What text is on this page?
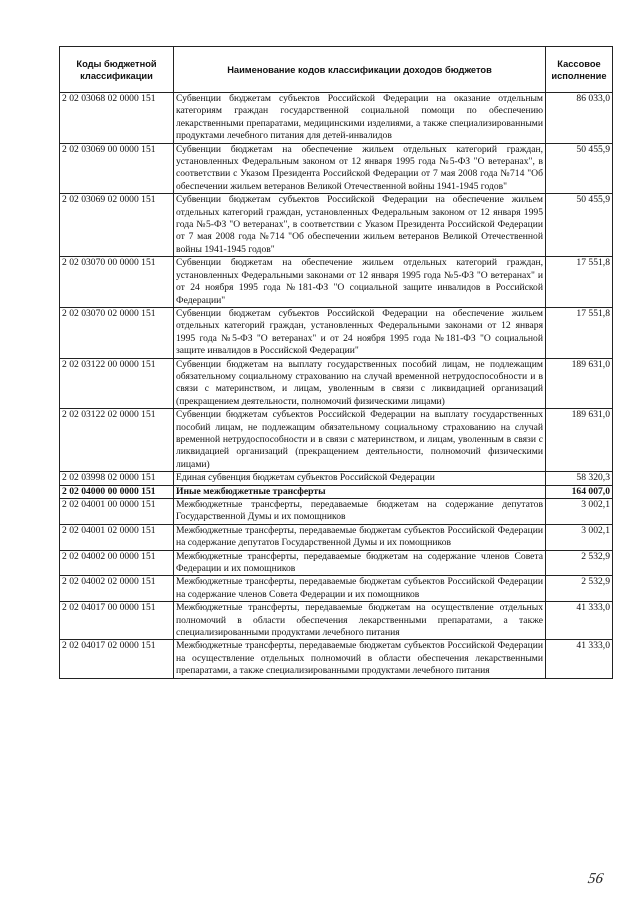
Коды бюджетной классификации	Наименование кодов классификации доходов бюджетов	Кассовое исполнение
2 02 03068 02 0000 151	Субвенции бюджетам субъектов Российской Федерации на оказание отдельным категориям граждан государственной социальной помощи по обеспечению лекарственными препаратами, медицинскими изделиями, а также специализированными продуктами лечебного питания для детей-инвалидов	86 033,0
2 02 03069 00 0000 151	Субвенции бюджетам на обеспечение жильем отдельных категорий граждан, установленных Федеральным законом от 12 января 1995 года №5-ФЗ "О ветеранах", в соответствии с Указом Президента Российской Федерации от 7 мая 2008 года №714 "Об обеспечении жильем ветеранов Великой Отечественной войны 1941-1945 годов"	50 455,9
2 02 03069 02 0000 151	Субвенции бюджетам субъектов Российской Федерации на обеспечение жильем отдельных категорий граждан, установленных Федеральным законом от 12 января 1995 года №5-ФЗ "О ветеранах", в соответствии с Указом Президента Российской Федерации от 7 мая 2008 года №714 "Об обеспечении жильем ветеранов Великой Отечественной войны 1941-1945 годов"	50 455,9
2 02 03070 00 0000 151	Субвенции бюджетам на обеспечение жильем отдельных категорий граждан, установленных Федеральными законами от 12 января 1995 года №5-ФЗ "О ветеранах" и от 24 ноября 1995 года №181-ФЗ "О социальной защите инвалидов в Российской Федерации"	17 551,8
2 02 03070 02 0000 151	Субвенции бюджетам субъектов Российской Федерации на обеспечение жильем отдельных категорий граждан, установленных Федеральными законами от 12 января 1995 года №5-ФЗ "О ветеранах" и от 24 ноября 1995 года №181-ФЗ "О социальной защите инвалидов в Российской Федерации"	17 551,8
2 02 03122 00 0000 151	Субвенции бюджетам на выплату государственных пособий лицам, не подлежащим обязательному социальному страхованию на случай временной нетрудоспособности и в связи с материнством, и лицам, уволенным в связи с ликвидацией организаций (прекращением деятельности, полномочий физическими лицами)	189 631,0
2 02 03122 02 0000 151	Субвенции бюджетам субъектов Российской Федерации на выплату государственных пособий лицам, не подлежащим обязательному социальному страхованию на случай временной нетрудоспособности и в связи с материнством, и лицам, уволенным в связи с ликвидацией организаций (прекращением деятельности, полномочий физическими лицами)	189 631,0
2 02 03998 02 0000 151	Единая субвенция бюджетам субъектов Российской Федерации	58 320,3
2 02 04000 00 0000 151	Иные межбюджетные трансферты	164 007,0
2 02 04001 00 0000 151	Межбюджетные трансферты, передаваемые бюджетам на содержание депутатов Государственной Думы и их помощников	3 002,1
2 02 04001 02 0000 151	Межбюджетные трансферты, передаваемые бюджетам субъектов Российской Федерации на содержание депутатов Государственной Думы и их помощников	3 002,1
2 02 04002 00 0000 151	Межбюджетные трансферты, передаваемые бюджетам на содержание членов Совета Федерации и их помощников	2 532,9
2 02 04002 02 0000 151	Межбюджетные трансферты, передаваемые бюджетам субъектов Российской Федерации на содержание членов Совета Федерации и их помощников	2 532,9
2 02 04017 00 0000 151	Межбюджетные трансферты, передаваемые бюджетам на осуществление отдельных полномочий в области обеспечения лекарственными препаратами, а также специализированными продуктами лечебного питания	41 333,0
2 02 04017 02 0000 151	Межбюджетные трансферты, передаваемые бюджетам субъектов Российской Федерации на осуществление отдельных полномочий в области обеспечения лекарственными препаратами, а также специализированными продуктами лечебного питания	41 333,0
56
